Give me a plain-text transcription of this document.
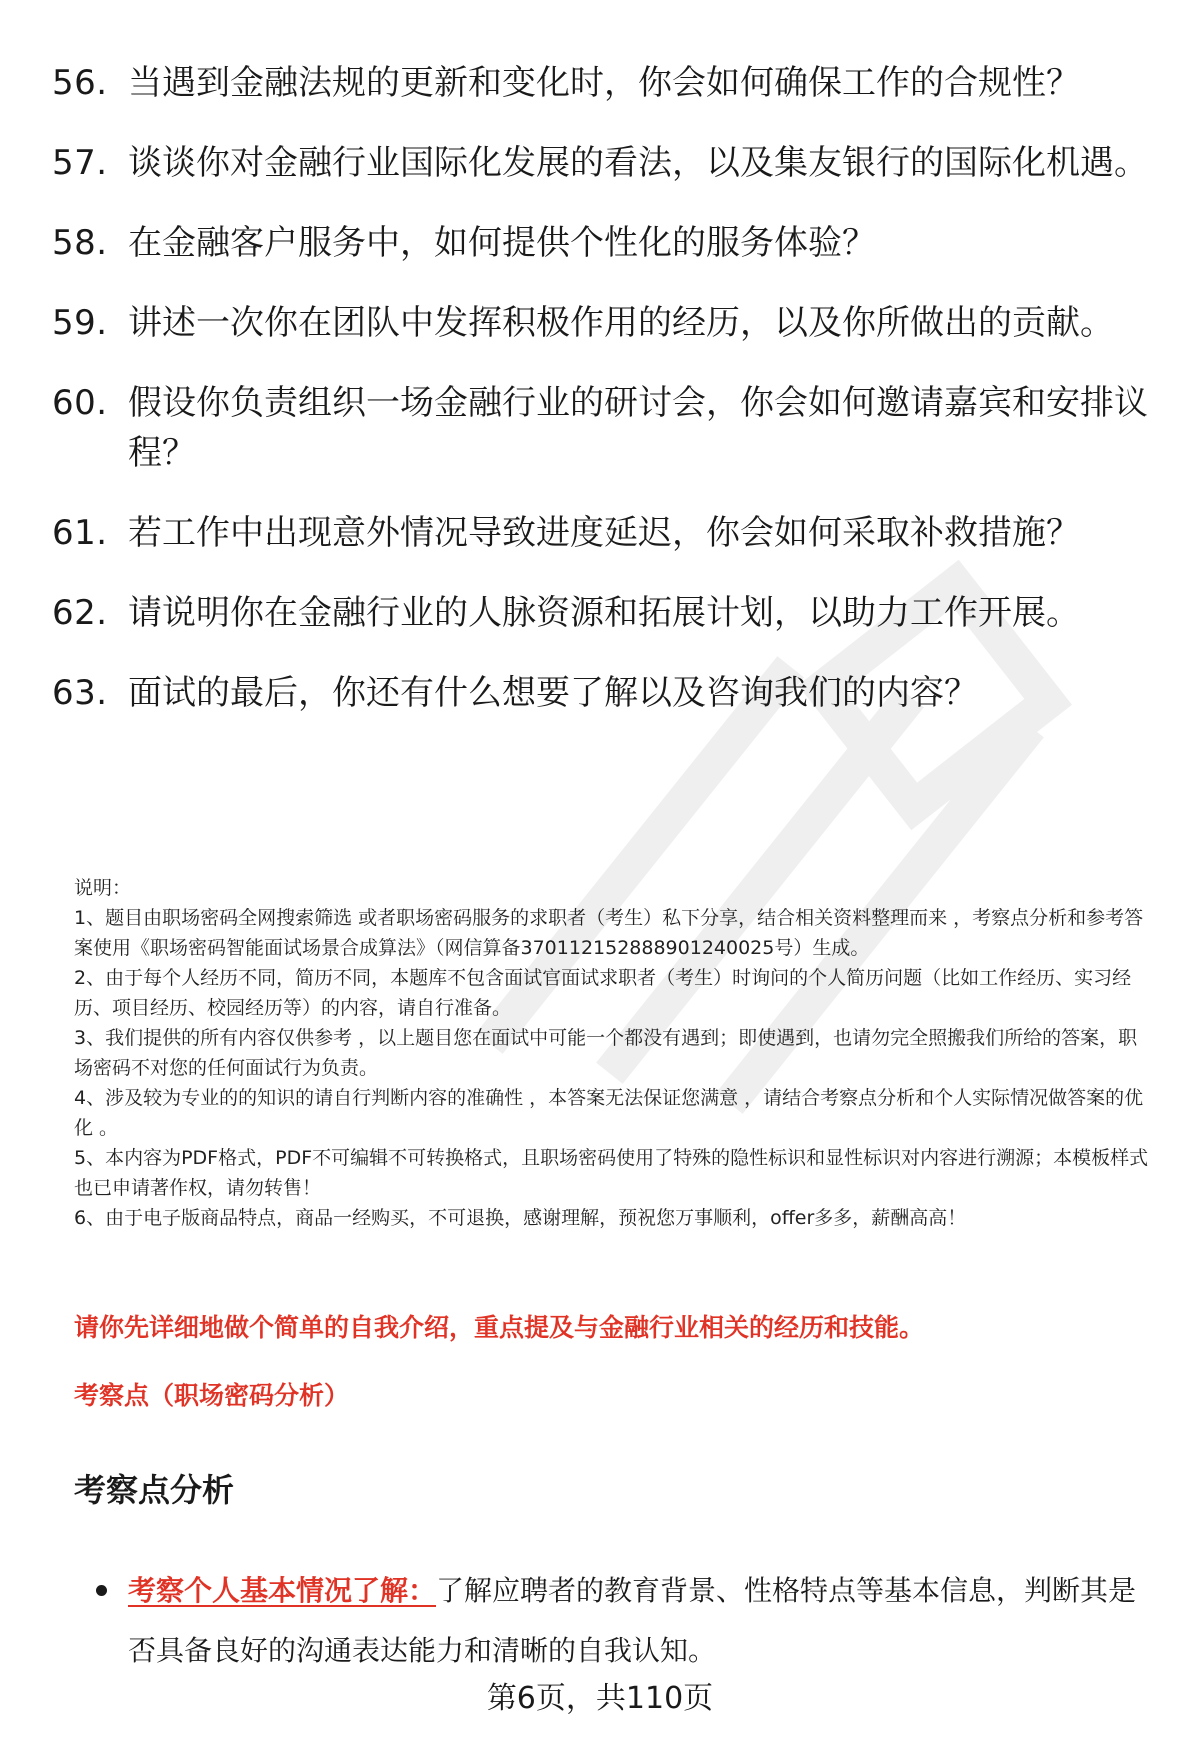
56. 当遇到金融法规的更新和变化时，你会如何确保工作的合规性？
57. 谈谈你对金融行业国际化发展的看法，以及集友银行的国际化机遇。
58. 在金融客户服务中，如何提供个性化的服务体验？
59. 讲述一次你在团队中发挥积极作用的经历，以及你所做出的贡献。
60. 假设你负责组织一场金融行业的研讨会，你会如何邀请嘉宾和安排议程？
61. 若工作中出现意外情况导致进度延迟，你会如何采取补救措施？
62. 请说明你在金融行业的人脉资源和拓展计划，以助力工作开展。
63. 面试的最后，你还有什么想要了解以及咨询我们的内容？

说明：

1、题目由职场密码全网搜索筛选 或者职场密码服务的求职者（考生）私下分享，结合相关资料整理而来 ，考察点分析和参考答案使用《职场密码智能面试场景合成算法》（网信算备370112152888901240025号）生成。

2、由于每个人经历不同，简历不同，本题库不包含面试官面试求职者（考生）时询问的个人简历问题（比如工作经历、实习经历、项目经历、校园经历等）的内容，请自行准备。

3、我们提供的所有内容仅供参考 ，以上题目您在面试中可能一个都没有遇到；即使遇到，也请勿完全照搬我们所给的答案，职场密码不对您的任何面试行为负责。

4、涉及较为专业的的知识的请自行判断内容的准确性 ，本答案无法保证您满意 ，请结合考察点分析和个人实际情况做答案的优化 。

5、本内容为PDF格式，PDF不可编辑不可转换格式，且职场密码使用了特殊的隐性标识和显性标识对内容进行溯源；本模板样式也已申请著作权，请勿转售！

6、由于电子版商品特点，商品一经购买，不可退换，感谢理解，预祝您万事顺利，offer多多，薪酬高高！

请你先详细地做个简单的自我介绍，重点提及与金融行业相关的经历和技能。
考察点（职场密码分析）
考察点分析
考察个人基本情况了解：了解应聘者的教育背景、性格特点等基本信息，判断其是否具备良好的沟通表达能力和清晰的自我认知。
第6页，共110页
